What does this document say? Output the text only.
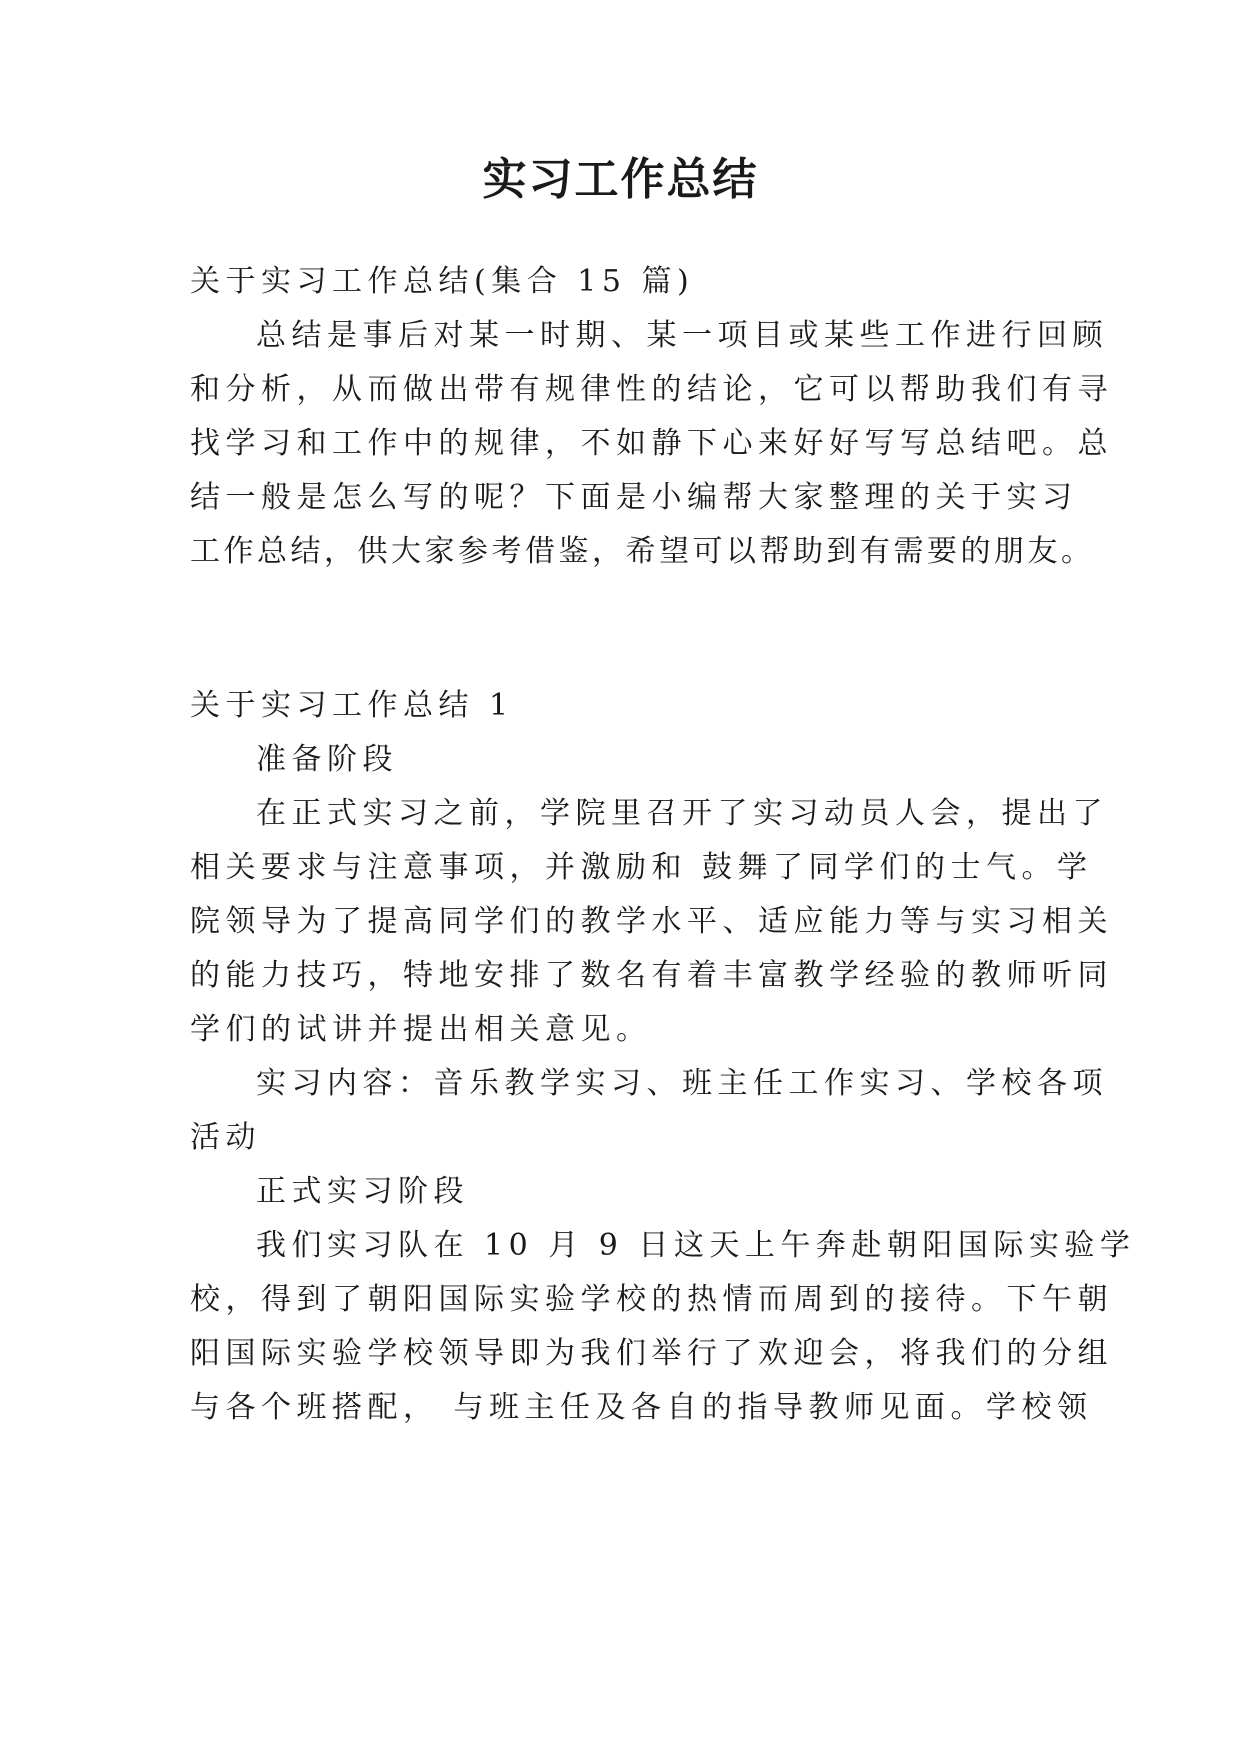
实习工作总结
关于实习工作总结(集合 15 篇)
总结是事后对某一时期、某一项目或某些工作进行回顾
和分析，从而做出带有规律性的结论，它可以帮助我们有寻
找学习和工作中的规律，不如静下心来好好写写总结吧。总
结一般是怎么写的呢？下面是小编帮大家整理的关于实习
工作总结，供大家参考借鉴，希望可以帮助到有需要的朋友。
关于实习工作总结 1
准备阶段
在正式实习之前，学院里召开了实习动员人会，提出了
相关要求与注意事项，并激励和 鼓舞了同学们的士气。学
院领导为了提高同学们的教学水平、适应能力等与实习相关
的能力技巧，特地安排了数名有着丰富教学经验的教师听同
学们的试讲并提出相关意见。
实习内容：音乐教学实习、班主任工作实习、学校各项
活动
正式实习阶段
我们实习队在 10 月 9 日这天上午奔赴朝阳国际实验学
校，得到了朝阳国际实验学校的热情而周到的接待。下午朝
阳国际实验学校领导即为我们举行了欢迎会，将我们的分组
与各个班搭配， 与班主任及各自的指导教师见面。学校领
